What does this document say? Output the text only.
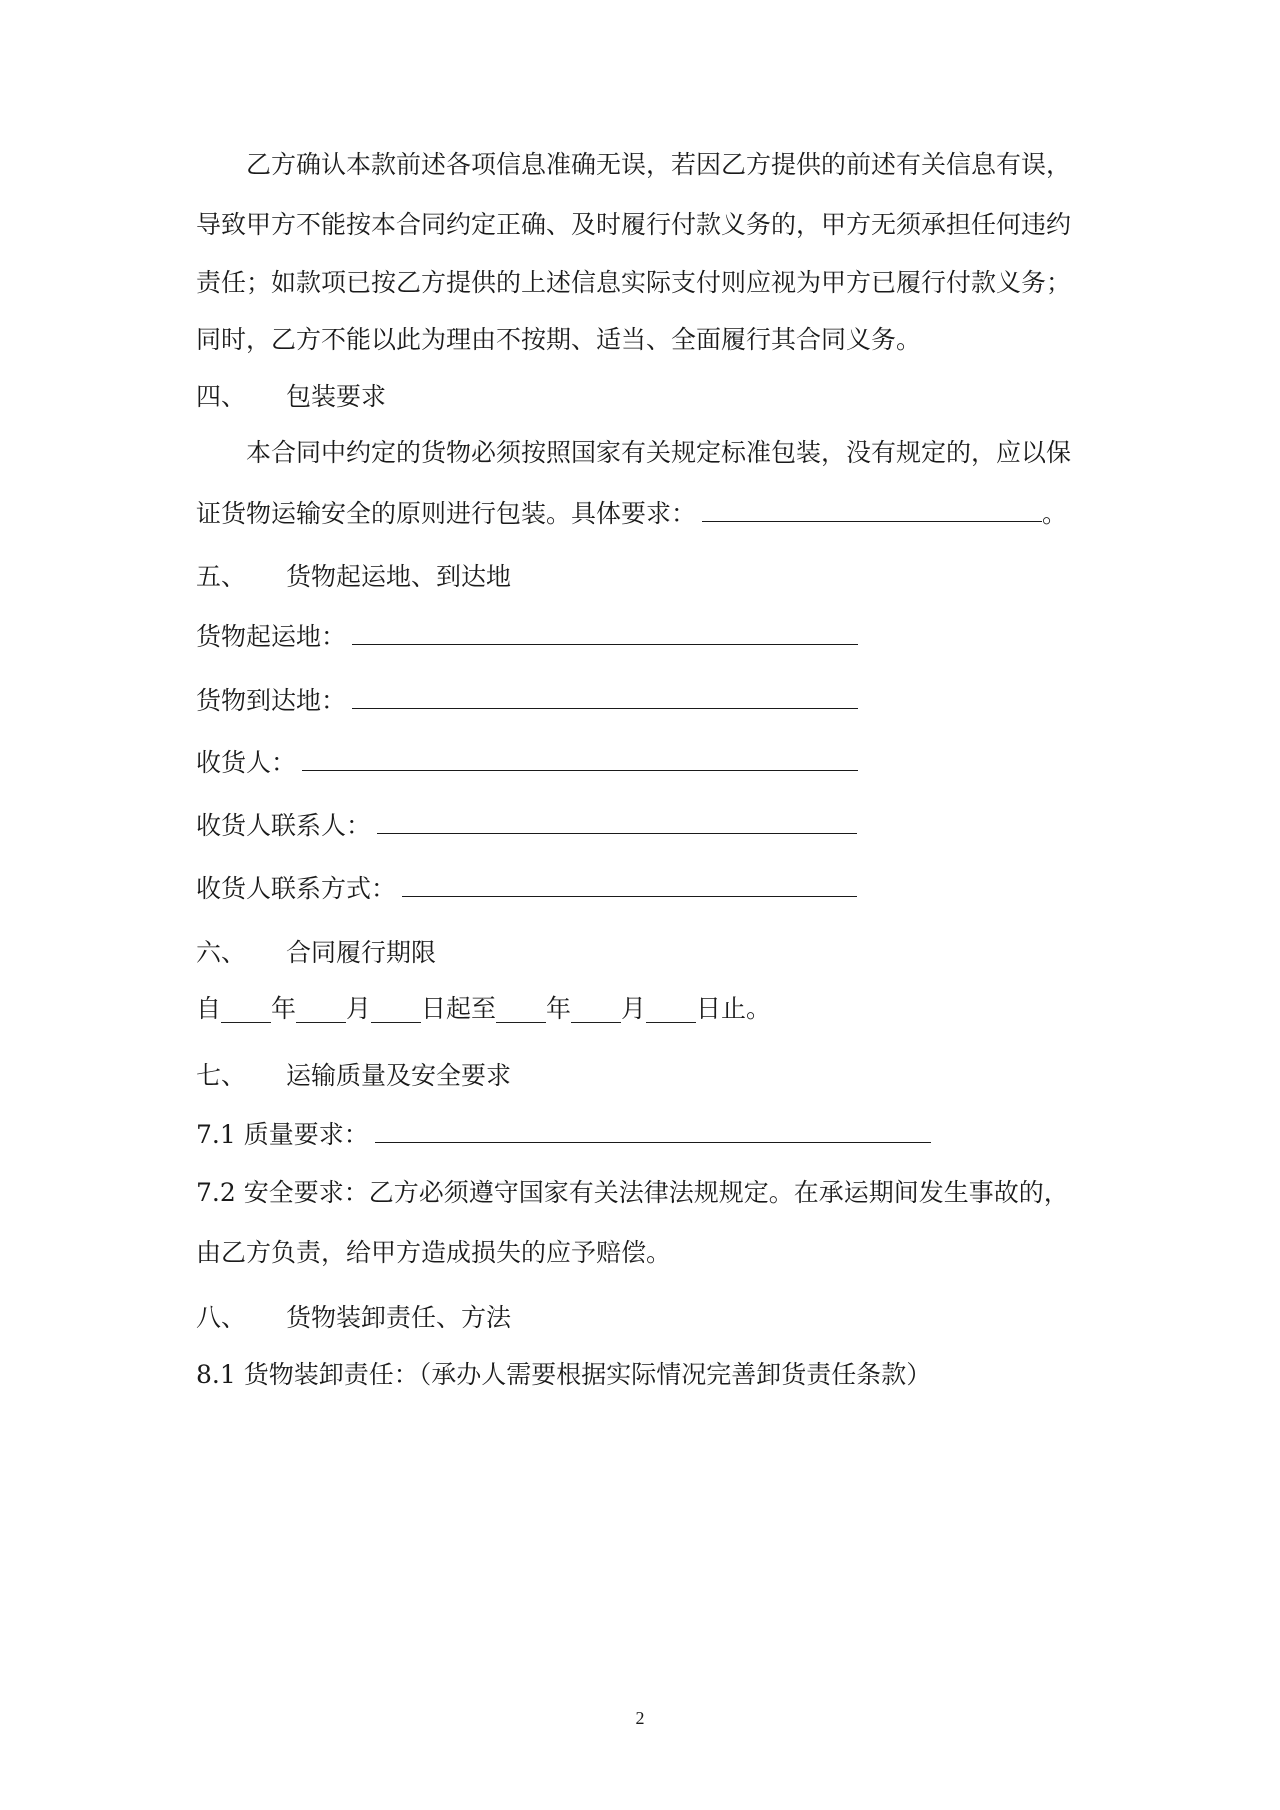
乙方确认本款前述各项信息准确无误，若因乙方提供的前述有关信息有误，
导致甲方不能按本合同约定正确、及时履行付款义务的，甲方无须承担任何违约
责任；如款项已按乙方提供的上述信息实际支付则应视为甲方已履行付款义务；
同时，乙方不能以此为理由不按期、适当、全面履行其合同义务。
四、 包装要求
本合同中约定的货物必须按照国家有关规定标准包装，没有规定的，应以保
证货物运输安全的原则进行包装。具体要求：	。
五、 货物起运地、到达地
货物起运地：
货物到达地：
收货人：
收货人联系人：
收货人联系方式：
六、 合同履行期限
自____年____月____日起至____年____月____日止。
七、 运输质量及安全要求
7.1 质量要求：
7.2 安全要求：乙方必须遵守国家有关法律法规规定。在承运期间发生事故的，
由乙方负责，给甲方造成损失的应予赔偿。
八、 货物装卸责任、方法
8.1 货物装卸责任：（承办人需要根据实际情况完善卸货责任条款）
2
